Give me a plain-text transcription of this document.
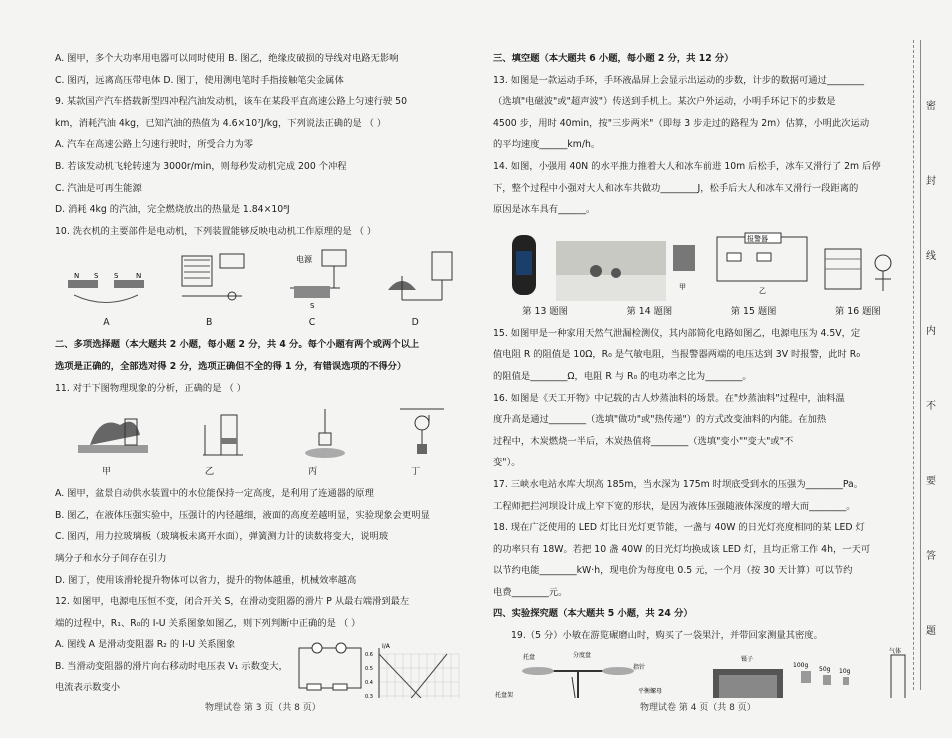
A. 图甲，多个大功率用电器可以同时使用 B. 图乙，绝缘皮破损的导线对电路无影响
C. 图丙，远离高压带电体 D. 图丁，使用测电笔时手指接触笔尖金属体
9. 某款国产汽车搭载新型四冲程汽油发动机，该车在某段平直高速公路上匀速行驶 50
km，消耗汽油 4kg，已知汽油的热值为 4.6×10⁷J/kg，下列说法正确的是 （ ）
A. 汽车在高速公路上匀速行驶时，所受合力为零
B. 若该发动机飞轮转速为 3000r/min，则每秒发动机完成 200 个冲程
C. 汽油是可再生能源
D. 消耗 4kg 的汽油，完全燃烧放出的热量是 1.84×10⁸J
10. 洗衣机的主要部件是电动机，下列装置能够反映电动机工作原理的是 （ ）
N S S	N
电源
S
A	B	C	D
二、多项选择题（本大题共 2 小题，每小题 2 分，共 4 分。每个小题有两个或两个以上
选项是正确的，全部选对得 2 分，选项正确但不全的得 1 分，有错误选项的不得分）
11. 对于下图物理现象的分析，正确的是 （ ）
甲	乙	丙	丁
A. 图甲，盆景自动供水装置中的水位能保持一定高度，是利用了连通器的原理
B. 图乙，在液体压强实验中，压强计的内径越细，液面的高度差越明显，实验现象会更明显
C. 图丙，用力拉玻璃板（玻璃板未离开水面），弹簧测力计的读数将变大，说明玻
璃分子和水分子间存在引力
D. 图丁，使用该滑轮提升物体可以省力，提升的物体越重，机械效率越高
12. 如图甲，电源电压恒不变，闭合开关 S，在滑动变阻器的滑片 P 从最右端滑到最左
端的过程中，R₁、R₀的 I-U 关系图象如图乙，则下列判断中正确的是 （ ）
A. 图线 A 是滑动变阻器 R₂ 的 I-U 关系图象
B. 当滑动变阻器的滑片向右移动时电压表 V₁ 示数变大，
电流表示数变小
I/A
0.6
0.5
0.4
0.3
三、填空题（本大题共 6 小题，每小题 2 分，共 12 分）
13. 如图是一款运动手环，手环液晶屏上会显示出运动的步数，计步的数据可通过________
（选填"电磁波"或"超声波"）传送到手机上。某次户外运动，小明手环记下的步数是
4500 步，用时 40min，按"三步两米"（即每 3 步走过的路程为 2m）估算，小明此次运动
的平均速度______km/h。
14. 如图，小强用 40N 的水平推力推着大人和冰车前进 10m 后松手，冰车又滑行了 2m 后停
下，整个过程中小强对大人和冰车共做功________J，松手后大人和冰车又滑行一段距离的
原因是冰车具有______。
甲
报警器
乙
第 13 题图	第 14 题图	第 15 题图	第 16 题图
15. 如图甲是一种家用天然气泄漏检测仪，其内部简化电路如图乙，电源电压为 4.5V，定
值电阻 R 的阻值是 10Ω，R₀ 是气敏电阻，当报警器两端的电压达到 3V 时报警，此时 R₀
的阻值是________Ω，电阻 R 与 R₀ 的电功率之比为________。
16. 如图是《天工开物》中记载的古人炒蒸油料的场景。在"炒蒸油料"过程中，油料温
度升高是通过________（选填"做功"或"热传递"）的方式改变油料的内能。在加热
过程中，木炭燃烧一半后，木炭热值将________（选填"变小""变大"或"不
变"）。
17. 三峡水电站水库大坝高 185m，当水深为 175m 时坝底受到水的压强为________Pa。
工程师把拦河坝设计成上窄下宽的形状，是因为液体压强随液体深度的增大而________。
18. 现在广泛使用的 LED 灯比日光灯更节能，一盏与 40W 的日光灯亮度相同的某 LED 灯
的功率只有 18W。若把 10 盏 40W 的日光灯均换成该 LED 灯，且均正常工作 4h，一天可
以节约电能________kW·h，现电价为每度电 0.5 元，一个月（按 30 天计算）可以节约
电费________元。
四、实验探究题（本大题共 5 小题，共 24 分）
19.（5 分）小敏在游览碾磨山时，购买了一袋果汁，并带回家测量其密度。
托盘	分度盘
指针
托盘架
平衡螺母
镊子
100g
50g 10g
气体
物理试卷 第 3 页（共 8 页）	物理试卷 第 4 页（共 8 页）
密
封
线
内
不
要
答
题
